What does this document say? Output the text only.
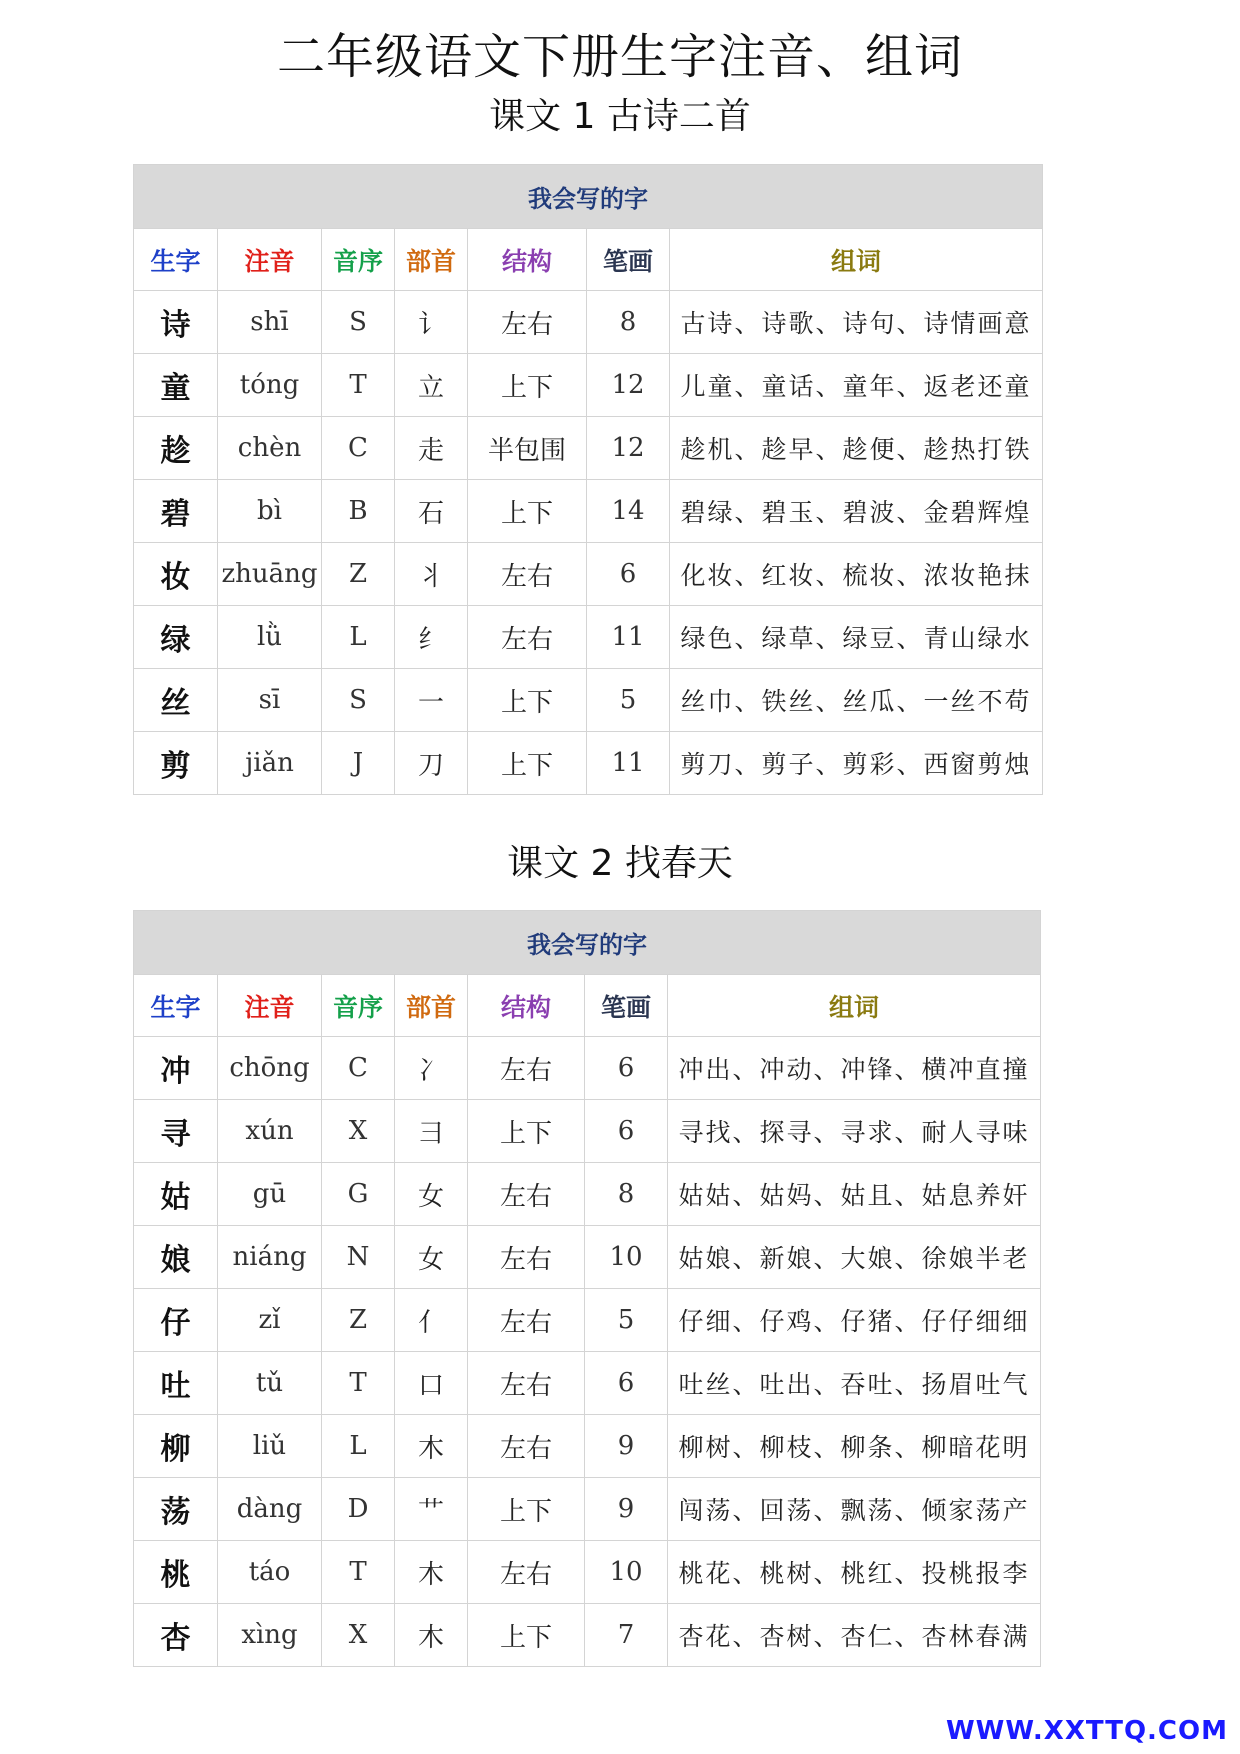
二年级语文下册生字注音、组词
课文 1 古诗二首
我会写的字						
生字	注音	音序	部首	结构	笔画	组词
诗	shī	S	讠	左右	8	古诗、诗歌、诗句、诗情画意
童	tóng	T	立	上下	12	儿童、童话、童年、返老还童
趁	chèn	C	走	半包围	12	趁机、趁早、趁便、趁热打铁
碧	bì	B	石	上下	14	碧绿、碧玉、碧波、金碧辉煌
妆	zhuāng	Z	丬	左右	6	化妆、红妆、梳妆、浓妆艳抹
绿	lǜ	L	纟	左右	11	绿色、绿草、绿豆、青山绿水
丝	sī	S	一	上下	5	丝巾、铁丝、丝瓜、一丝不苟
剪	jiǎn	J	刀	上下	11	剪刀、剪子、剪彩、西窗剪烛
课文 2 找春天
我会写的字						
生字	注音	音序	部首	结构	笔画	组词
冲	chōng	C	冫	左右	6	冲出、冲动、冲锋、横冲直撞
寻	xún	X	彐	上下	6	寻找、探寻、寻求、耐人寻味
姑	gū	G	女	左右	8	姑姑、姑妈、姑且、姑息养奸
娘	niáng	N	女	左右	10	姑娘、新娘、大娘、徐娘半老
仔	zǐ	Z	亻	左右	5	仔细、仔鸡、仔猪、仔仔细细
吐	tǔ	T	口	左右	6	吐丝、吐出、吞吐、扬眉吐气
柳	liǔ	L	木	左右	9	柳树、柳枝、柳条、柳暗花明
荡	dàng	D	艹	上下	9	闯荡、回荡、飘荡、倾家荡产
桃	táo	T	木	左右	10	桃花、桃树、桃红、投桃报李
杏	xìng	X	木	上下	7	杏花、杏树、杏仁、杏林春满
WWW.XXTTQ.COM
